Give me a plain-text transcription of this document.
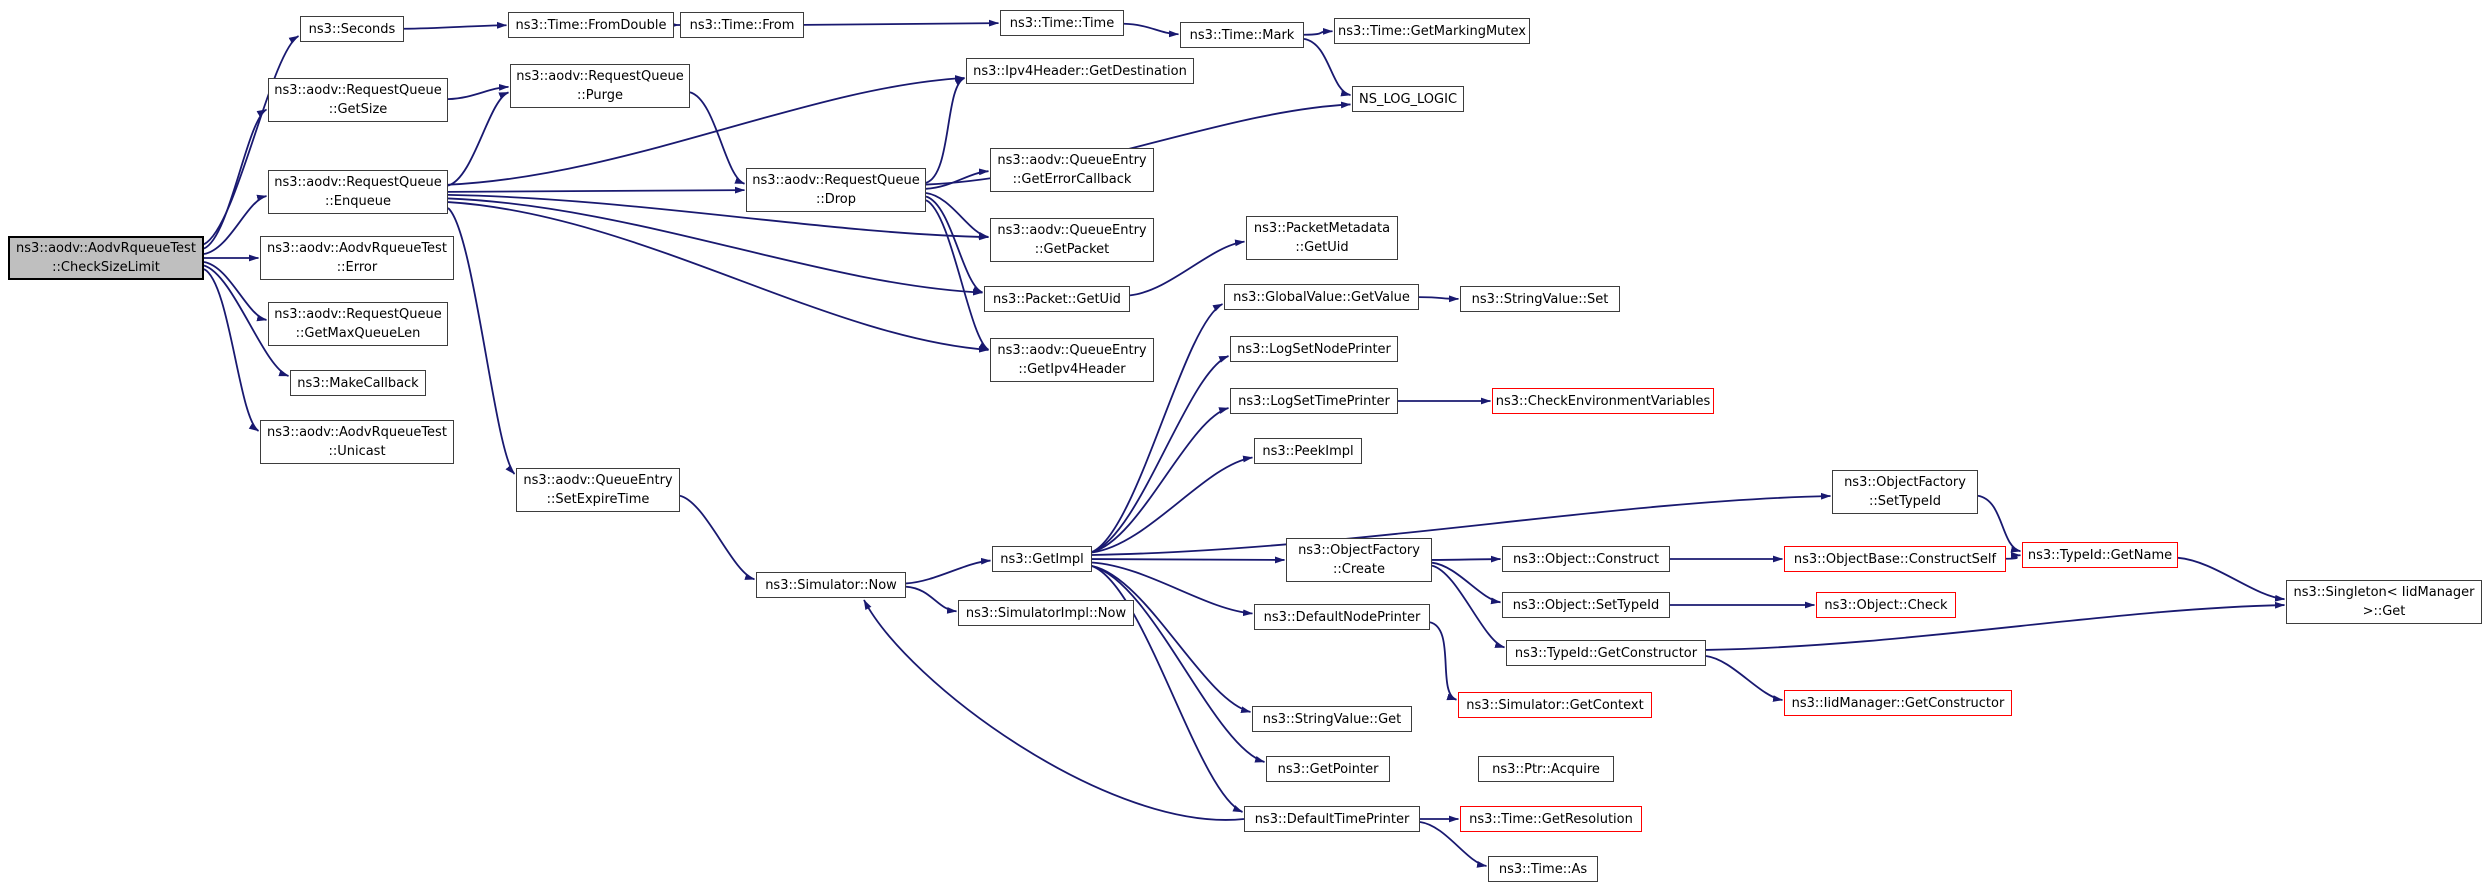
ns3::aodv::AodvRqueueTest
::CheckSizeLimit
ns3::Seconds
ns3::aodv::RequestQueue
::GetSize
ns3::aodv::RequestQueue
::Enqueue
ns3::aodv::AodvRqueueTest
::Error
ns3::aodv::RequestQueue
::GetMaxQueueLen
ns3::MakeCallback
ns3::aodv::AodvRqueueTest
::Unicast
ns3::Time::FromDouble
ns3::aodv::RequestQueue
::Purge
ns3::aodv::QueueEntry
::SetExpireTime
ns3::Time::From
ns3::aodv::RequestQueue
::Drop
ns3::Simulator::Now
ns3::Time::Time
ns3::Ipv4Header::GetDestination
ns3::Time::Mark	ns3::Time::GetMarkingMutex
NS_LOG_LOGIC
ns3::aodv::QueueEntry
::GetErrorCallback
ns3::aodv::QueueEntry
::GetPacket
ns3::Packet::GetUid
ns3::aodv::QueueEntry
::GetIpv4Header
ns3::PacketMetadata
::GetUid
ns3::GlobalValue::GetValue	ns3::StringValue::Set
ns3::LogSetNodePrinter
ns3::LogSetTimePrinter	ns3::CheckEnvironmentVariables
ns3::PeekImpl
ns3::GetImpl
ns3::SimulatorImpl::Now
ns3::ObjectFactory
::SetTypeId
ns3::ObjectFactory
::Create
ns3::Object::Construct	ns3::ObjectBase::ConstructSelf	ns3::TypeId::GetName
ns3::Object::SetTypeId	ns3::Object::Check
ns3::DefaultNodePrinter
ns3::TypeId::GetConstructor
ns3::Singleton< IidManager
>::Get
ns3::Simulator::GetContext	ns3::IidManager::GetConstructor
ns3::StringValue::Get
ns3::GetPointer	ns3::Ptr::Acquire
ns3::DefaultTimePrinter	ns3::Time::GetResolution
ns3::Time::As
